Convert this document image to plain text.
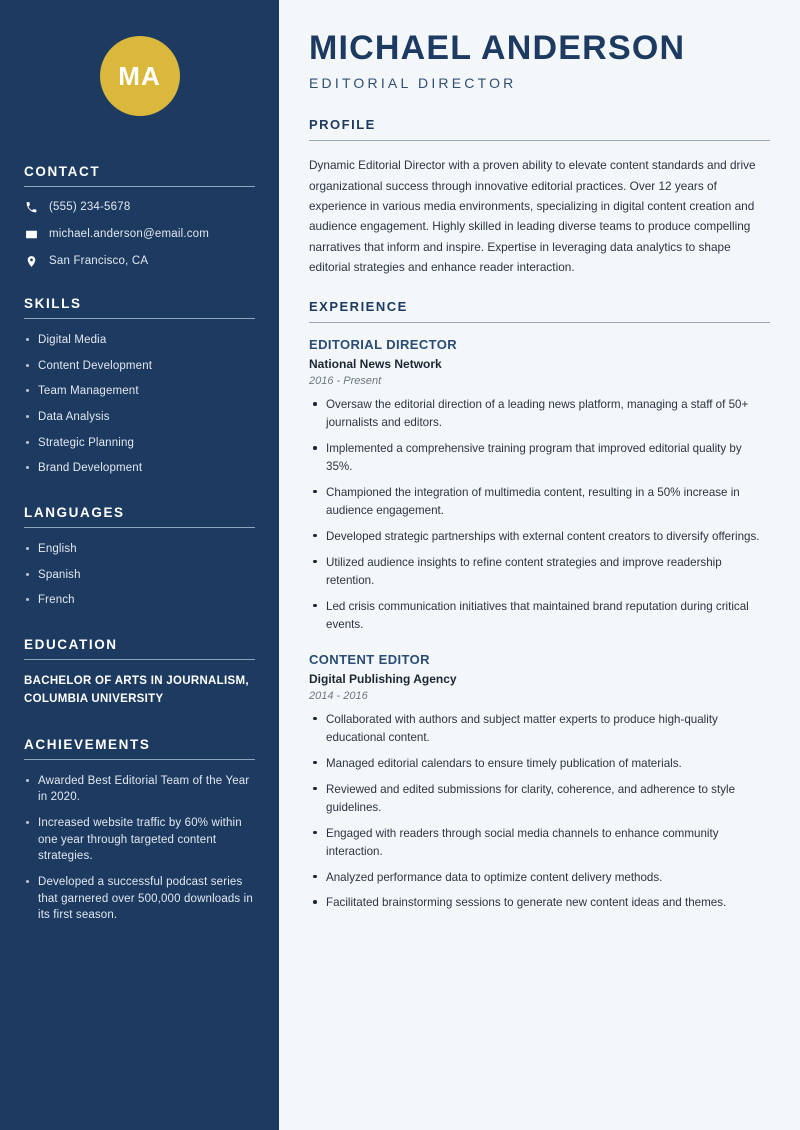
MA
CONTACT
(555) 234-5678
michael.anderson@email.com
San Francisco, CA
SKILLS
Digital Media
Content Development
Team Management
Data Analysis
Strategic Planning
Brand Development
LANGUAGES
English
Spanish
French
EDUCATION
BACHELOR OF ARTS IN JOURNALISM,
COLUMBIA UNIVERSITY
ACHIEVEMENTS
Awarded Best Editorial Team of the Year in 2020.
Increased website traffic by 60% within one year through targeted content strategies.
Developed a successful podcast series that garnered over 500,000 downloads in its first season.
MICHAEL ANDERSON
EDITORIAL DIRECTOR
PROFILE

Dynamic Editorial Director with a proven ability to elevate content standards and drive organizational success through innovative editorial practices. Over 12 years of experience in various media environments, specializing in digital content creation and audience engagement. Highly skilled in leading diverse teams to produce compelling narratives that inform and inspire. Expertise in leveraging data analytics to shape editorial strategies and enhance reader interaction.

EXPERIENCE
EDITORIAL DIRECTOR
National News Network
2016 - Present
Oversaw the editorial direction of a leading news platform, managing a staff of 50+ journalists and editors.
Implemented a comprehensive training program that improved editorial quality by 35%.
Championed the integration of multimedia content, resulting in a 50% increase in audience engagement.
Developed strategic partnerships with external content creators to diversify offerings.
Utilized audience insights to refine content strategies and improve readership retention.
Led crisis communication initiatives that maintained brand reputation during critical events.
CONTENT EDITOR
Digital Publishing Agency
2014 - 2016
Collaborated with authors and subject matter experts to produce high-quality educational content.
Managed editorial calendars to ensure timely publication of materials.
Reviewed and edited submissions for clarity, coherence, and adherence to style guidelines.
Engaged with readers through social media channels to enhance community interaction.
Analyzed performance data to optimize content delivery methods.
Facilitated brainstorming sessions to generate new content ideas and themes.
